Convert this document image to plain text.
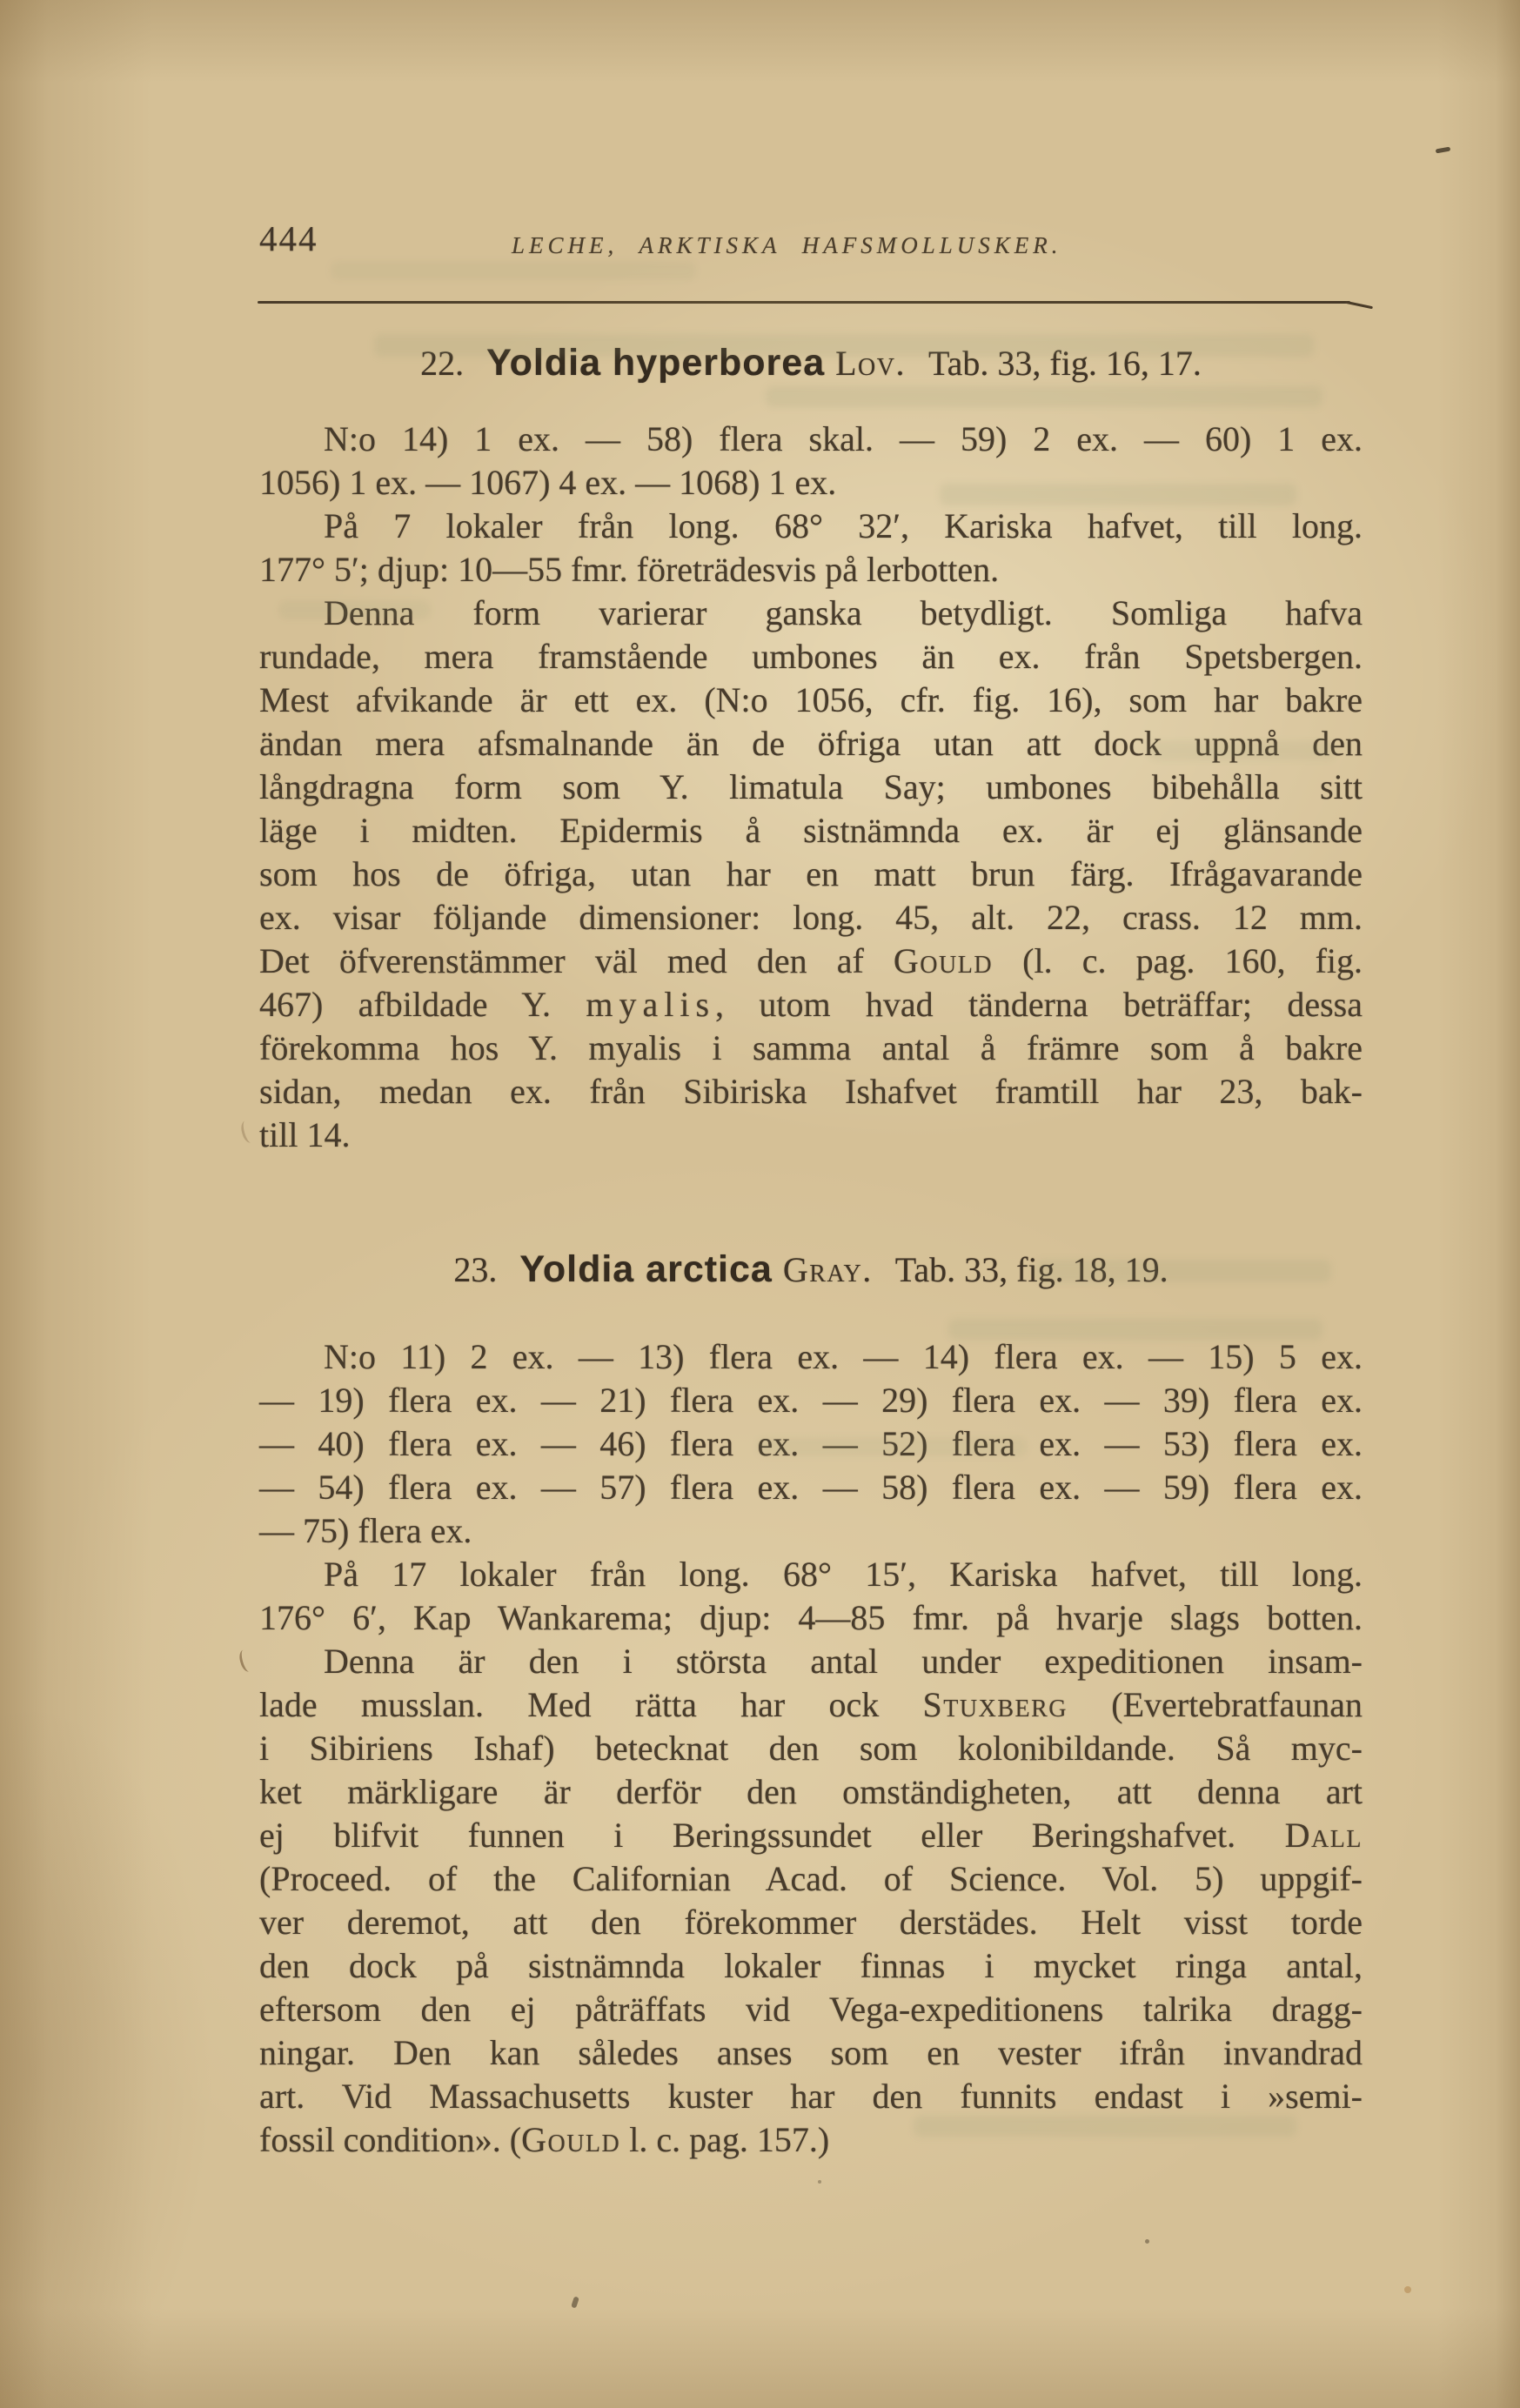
444	LECHE, ARKTISKA HAFSMOLLUSKER.
22. Yoldia hyperborea Lov. Tab. 33, fig. 16, 17.
N:o 14) 1 ex. — 58) flera skal. — 59) 2 ex. — 60) 1 ex.
1056) 1 ex. — 1067) 4 ex. — 1068) 1 ex.
På 7 lokaler från long. 68° 32′, Kariska hafvet, till long.
177° 5′; djup: 10—55 fmr. företrädesvis på lerbotten.
Denna form varierar ganska betydligt. Somliga hafva
rundade, mera framstående umbones än ex. från Spetsbergen.
Mest afvikande är ett ex. (N:o 1056, cfr. fig. 16), som har bakre
ändan mera afsmalnande än de öfriga utan att dock uppnå den
långdragna form som Y. limatula Say; umbones bibehålla sitt
läge i midten. Epidermis å sistnämnda ex. är ej glänsande
som hos de öfriga, utan har en matt brun färg. Ifrågavarande
ex. visar följande dimensioner: long. 45, alt. 22, crass. 12 mm.
Det öfverenstämmer väl med den af Gould (l. c. pag. 160, fig.
467) afbildade Y. myalis, utom hvad tänderna beträffar; dessa
förekomma hos Y. myalis i samma antal å främre som å bakre
sidan, medan ex. från Sibiriska Ishafvet framtill har 23, bak-
till 14.
23. Yoldia arctica Gray. Tab. 33, fig. 18, 19.
N:o 11) 2 ex. — 13) flera ex. — 14) flera ex. — 15) 5 ex.
— 19) flera ex. — 21) flera ex. — 29) flera ex. — 39) flera ex.
— 40) flera ex. — 46) flera ex. — 52) flera ex. — 53) flera ex.
— 54) flera ex. — 57) flera ex. — 58) flera ex. — 59) flera ex.
— 75) flera ex.
På 17 lokaler från long. 68° 15′, Kariska hafvet, till long.
176° 6′, Kap Wankarema; djup: 4—85 fmr. på hvarje slags botten.
Denna är den i största antal under expeditionen insam-
lade musslan. Med rätta har ock Stuxberg (Evertebratfaunan
i Sibiriens Ishaf) betecknat den som kolonibildande. Så myc-
ket märkligare är derför den omständigheten, att denna art
ej blifvit funnen i Beringssundet eller Beringshafvet. Dall
(Proceed. of the Californian Acad. of Science. Vol. 5) uppgif-
ver deremot, att den förekommer derstädes. Helt visst torde
den dock på sistnämnda lokaler finnas i mycket ringa antal,
eftersom den ej påträffats vid Vega-expeditionens talrika dragg-
ningar. Den kan således anses som en vester ifrån invandrad
art. Vid Massachusetts kuster har den funnits endast i »semi-
fossil condition». (Gould l. c. pag. 157.)
